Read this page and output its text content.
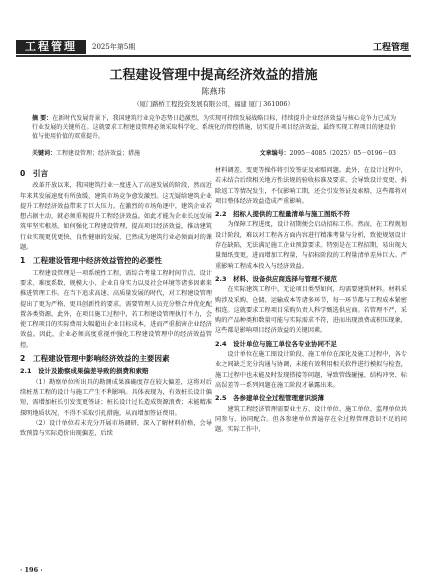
工程管理	2025年第5期	工程管理
工程建设管理中提高经济效益的措施
陈燕玮
（厦门路桥工程投资发展有限公司，福建 厦门 361006）
摘 要：在新时代发展背景下，我国建筑行业竞争态势日趋激烈，为实现可持续发展战略目标，持续提升企业经济效益与核心竞争力已成为行业发展的关键所在。这就要求工程建设管理必须采取科学化、系统化的管控措施，切实提升项目经济效益，最终实现工程项目的建设价值与使用价值的双重提升。
关键词：工程建设管理；经济效益；措施	文章编号：2095－4085（2025）05－0196－03
0　引言

改革开放以来，我国建筑行业一度进入了高速发展的阶段，然而近年来其发展速度有所放缓，建筑市场竞争愈发激烈。这无疑给建筑企业提升工程经济效益带来了巨大压力。在激烈的市场角逐中，建筑企业若想占据主动，就必须重视提升工程经济效益。如此才能为企业长远发展筑牢坚实根基。如何强化工程建设管理，提高项目经济效益，推动建筑行业实现更优更快、良性健康的发展，已然成为建筑行业必须面对的课题。

1　工程建设管理中经济效益管控的必要性

工程建设管理是一项系统性工程，需综合考量工程时间节点、设计要求、难度系数、规模大小、企业自身实力以及社会环境等诸多因素来推进管理工作。在当下追求高速、高质量发展的时代，对工程建设管理提出了更为严格、更具创新性的要求。需要管理人员充分整合并优化配置各类资源。此外，在项目施工过程中，若工程建设管理执行不力，会使工程项目的实际费用大幅超出企业目标成本，进而严重损害企业经济效益。因此，企业必须高度重视并强化工程建设管理中的经济效益管控。

2　工程建设管理中影响经济效益的主要因素
2.1　设计及勘察成果偏差导致的损费和索赔

（1）勘察单位所出具的勘测成果准确度存在较大偏差，这将对后续桩基工程的设计与施工产生不利影响。具体表现为，有效桩长设计偏短，需增加桩长引发变更签证；桩长设计过长造成资源浪费；未能精准探明地质状况，不得不采取引孔措施，从而增加签证费用。

（2）设计单位若未充分开展市场调研、深入了解材料价格，会导致预算与实际造价出现偏差，后续

材料调差、变更等操作将引发签证及索赔问题。此外，在设计过程中，若未结合后续相关地方性法规的验收标准及要求，会导致设计变更、拆除返工等情况发生，不仅影响工期，还会引发签证及索赔，这些都将对项目整体经济效益造成严重影响。

2.2　招标人提供的工程量清单与施工图纸不符

为保障工程进度，设计初期便会启动招标工作。然而，在工程规划设计阶段，难以对工程各方面内容进行精准考量与分析，致使规划设计存在缺陷，无法满足施工企业预算要求。特别是在工程招期，易出现大量图纸变更，进而增加工程量，与招标阶段的工程量清单差异巨大。严重影响工程成本投入与经济效益。

2.3　材料、设备供应商选择与管理不规范

在实际建筑工程中，无论项目类型如何，均需要建筑材料。材料采购涉及采购、仓储、运输成本等诸多环节，每一环节都与工程成本紧密相连。这就要求工程项目采购负责人科学甄选供应商。若管理不严，采购的产品种类和数量可能与实际需求不符，进而出现浪费或积压现象，这些都是影响项目经济效益的关键因素。

2.4　设计单位与施工单位各专业协同不足

设计单位在施工图设计阶段、施工单位在深化及施工过程中，各专业之间缺乏充分沟通与协调，未能有效利用相关软件进行模拟与检查，施工过程中也未能及时发现搭接等问题，导致管线碰撞、结构冲突、标高误差等一系列问题在施工阶段才暴露出来。

2.5　各参建单位全过程管理意识淡薄

建筑工程经济管理需要业主方、设计单位、施工单位、监理单位共同参与、协同配合。但各参建单位普遍存在全过程管理意识不足的问题。实际工作中，

· 196 ·
